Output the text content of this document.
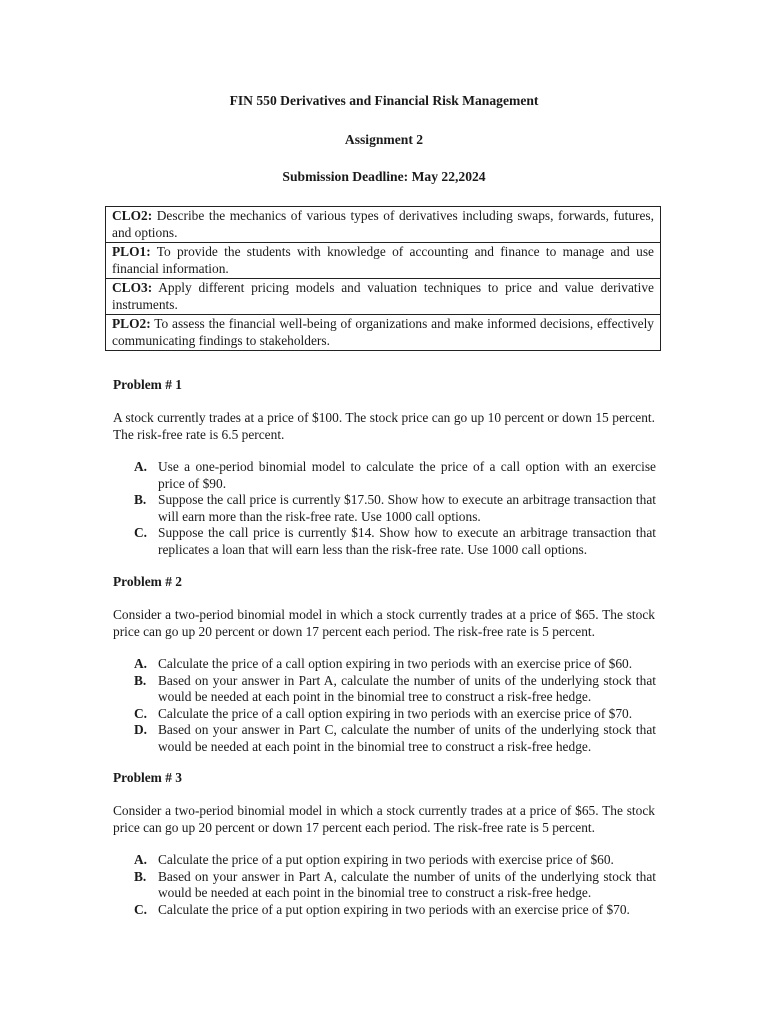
FIN 550 Derivatives and Financial Risk Management
Assignment 2
Submission Deadline: May 22,2024
CLO2: Describe the mechanics of various types of derivatives including swaps, forwards, futures, and options.
PLO1: To provide the students with knowledge of accounting and finance to manage and use financial information.
CLO3: Apply different pricing models and valuation techniques to price and value derivative instruments.
PLO2: To assess the financial well-being of organizations and make informed decisions, effectively communicating findings to stakeholders.
Problem # 1
A stock currently trades at a price of $100. The stock price can go up 10 percent or down 15 percent. The risk-free rate is 6.5 percent.
A. Use a one-period binomial model to calculate the price of a call option with an exercise price of $90.
B. Suppose the call price is currently $17.50. Show how to execute an arbitrage transaction that will earn more than the risk-free rate. Use 1000 call options.
C. Suppose the call price is currently $14. Show how to execute an arbitrage transaction that replicates a loan that will earn less than the risk-free rate. Use 1000 call options.
Problem # 2
Consider a two-period binomial model in which a stock currently trades at a price of $65. The stock price can go up 20 percent or down 17 percent each period. The risk-free rate is 5 percent.
A. Calculate the price of a call option expiring in two periods with an exercise price of $60.
B. Based on your answer in Part A, calculate the number of units of the underlying stock that would be needed at each point in the binomial tree to construct a risk-free hedge.
C. Calculate the price of a call option expiring in two periods with an exercise price of $70.
D. Based on your answer in Part C, calculate the number of units of the underlying stock that would be needed at each point in the binomial tree to construct a risk-free hedge.
Problem # 3
Consider a two-period binomial model in which a stock currently trades at a price of $65. The stock price can go up 20 percent or down 17 percent each period. The risk-free rate is 5 percent.
A. Calculate the price of a put option expiring in two periods with exercise price of $60.
B. Based on your answer in Part A, calculate the number of units of the underlying stock that would be needed at each point in the binomial tree to construct a risk-free hedge.
C. Calculate the price of a put option expiring in two periods with an exercise price of $70.
